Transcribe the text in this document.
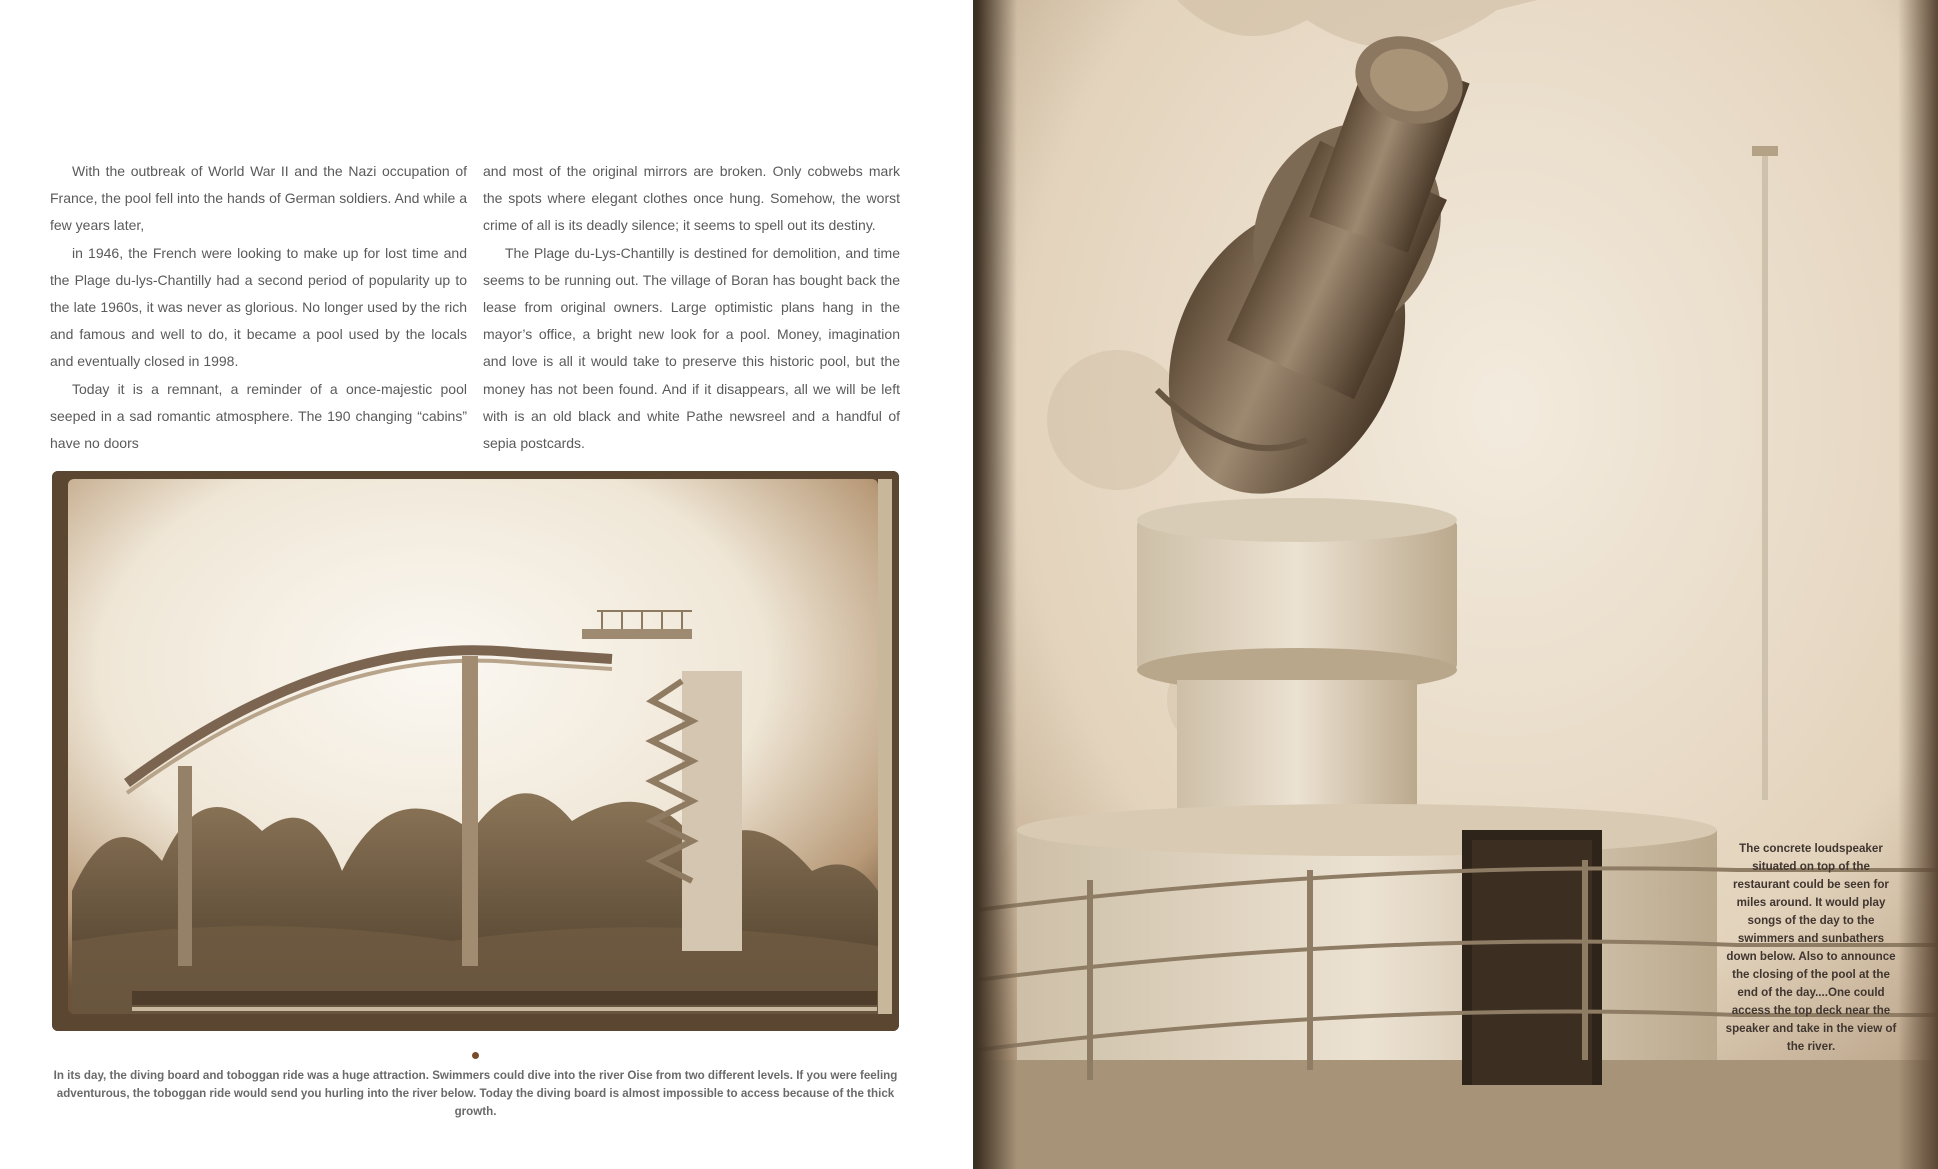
With the outbreak of World War II and the Nazi occupation of France, the pool fell into the hands of German soldiers. And while a few years later,

in 1946, the French were looking to make up for lost time and the Plage du-lys-Chantilly had a second period of popularity up to the late 1960s, it was never as glorious. No longer used by the rich and famous and well to do, it became a pool used by the locals and eventually closed in 1998.

Today it is a remnant, a reminder of a once-majestic pool seeped in a sad romantic atmosphere. The 190 changing “cabins” have no doors

and most of the original mirrors are broken. Only cobwebs mark the spots where elegant clothes once hung. Somehow, the worst crime of all is its deadly silence; it seems to spell out its destiny.

The Plage du-Lys-Chantilly is destined for demolition, and time seems to be running out. The village of Boran has bought back the lease from original owners. Large optimistic plans hang in the mayor’s office, a bright new look for a pool. Money, imagination and love is all it would take to preserve this historic pool, but the money has not been found. And if it disappears, all we will be left with is an old black and white Pathe newsreel and a handful of sepia postcards.

In its day, the diving board and toboggan ride was a huge attraction. Swimmers could dive into the river Oise from two different levels. If you were feeling adventurous, the toboggan ride would send you hurling into the river below. Today the diving board is almost impossible to access because of the thick growth.
The concrete loudspeaker situated on top of the restaurant could be seen for miles around. It would play songs of the day to the swimmers and sunbathers down below. Also to announce the closing of the pool at the end of the day....One could access the top deck near the speaker and take in the view of the river.
